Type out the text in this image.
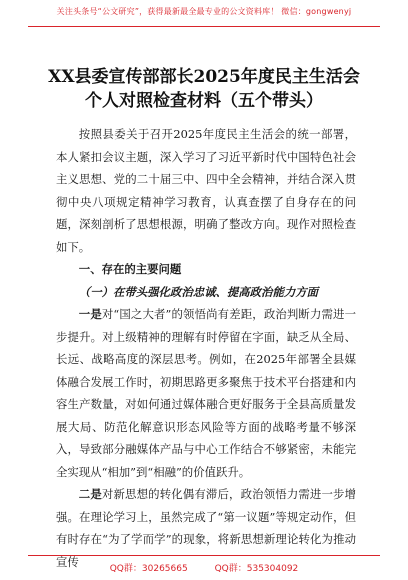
关注头条号“公文研究”，获得最新最全最专业的公文资料库！ 微信：gongwenyj
XX县委宣传部部长2025年度民主生活会
个人对照检查材料（五个带头）

按照县委关于召开2025年度民主生活会的统一部署，本人紧扣会议主题，深入学习了习近平新时代中国特色社会主义思想、党的二十届三中、四中全会精神，并结合深入贯彻中央八项规定精神学习教育，认真查摆了自身存在的问题，深刻剖析了思想根源，明确了整改方向。现作对照检查如下。

一、存在的主要问题

（一）在带头强化政治忠诚、提高政治能力方面

一是对“国之大者”的领悟尚有差距，政治判断力需进一步提升。对上级精神的理解有时停留在字面，缺乏从全局、长远、战略高度的深层思考。例如，在2025年部署全县媒体融合发展工作时，初期思路更多聚焦于技术平台搭建和内容生产数量，对如何通过媒体融合更好服务于全县高质量发展大局、防范化解意识形态风险等方面的战略考量不够深入，导致部分融媒体产品与中心工作结合不够紧密，未能完全实现从“相加”到“相融”的价值跃升。

二是对新思想的转化偶有滞后，政治领悟力需进一步增强。在理论学习上，虽然完成了“第一议题”等规定动作，但有时存在“为了学而学”的现象，将新思想新理论转化为推动宣传

QQ群：30265665	QQ群：535304092
